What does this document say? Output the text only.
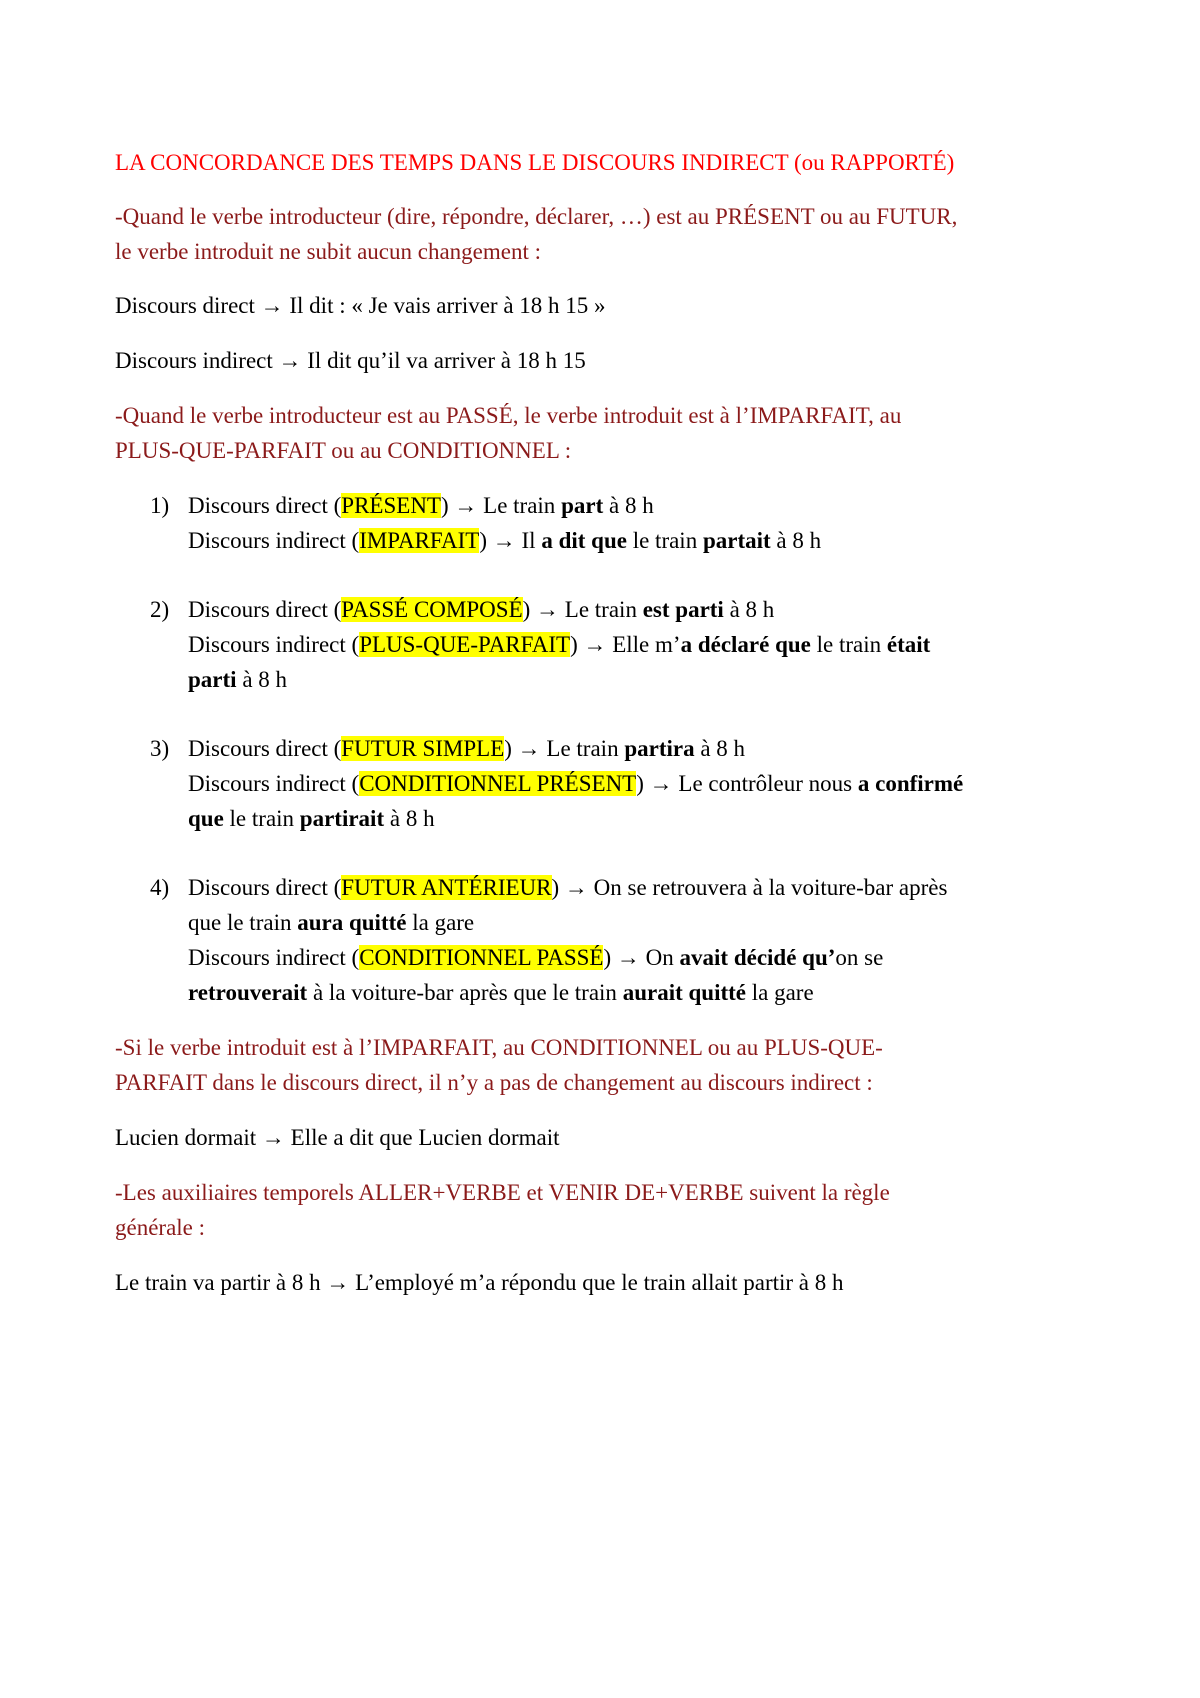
LA CONCORDANCE DES TEMPS DANS LE DISCOURS INDIRECT (ou RAPPORTÉ)
-Quand le verbe introducteur (dire, répondre, déclarer, …) est au PRÉSENT ou au FUTUR,
le verbe introduit ne subit aucun changement :
Discours direct → Il dit : « Je vais arriver à 18 h 15 »
Discours indirect → Il dit qu’il va arriver à 18 h 15
-Quand le verbe introducteur est au PASSÉ, le verbe introduit est à l’IMPARFAIT, au
PLUS-QUE-PARFAIT ou au CONDITIONNEL :
1) Discours direct (PRÉSENT) → Le train part à 8 h
Discours indirect (IMPARFAIT) → Il a dit que le train partait à 8 h
2) Discours direct (PASSÉ COMPOSÉ) → Le train est parti à 8 h
Discours indirect (PLUS-QUE-PARFAIT) → Elle m’a déclaré que le train était
parti à 8 h
3) Discours direct (FUTUR SIMPLE) → Le train partira à 8 h
Discours indirect (CONDITIONNEL PRÉSENT) → Le contrôleur nous a confirmé
que le train partirait à 8 h
4) Discours direct (FUTUR ANTÉRIEUR) → On se retrouvera à la voiture-bar après
que le train aura quitté la gare
Discours indirect (CONDITIONNEL PASSÉ) → On avait décidé qu’on se
retrouverait à la voiture-bar après que le train aurait quitté la gare
-Si le verbe introduit est à l’IMPARFAIT, au CONDITIONNEL ou au PLUS-QUE-
PARFAIT dans le discours direct, il n’y a pas de changement au discours indirect :
Lucien dormait → Elle a dit que Lucien dormait
-Les auxiliaires temporels ALLER+VERBE et VENIR DE+VERBE suivent la règle
générale :
Le train va partir à 8 h → L’employé m’a répondu que le train allait partir à 8 h
